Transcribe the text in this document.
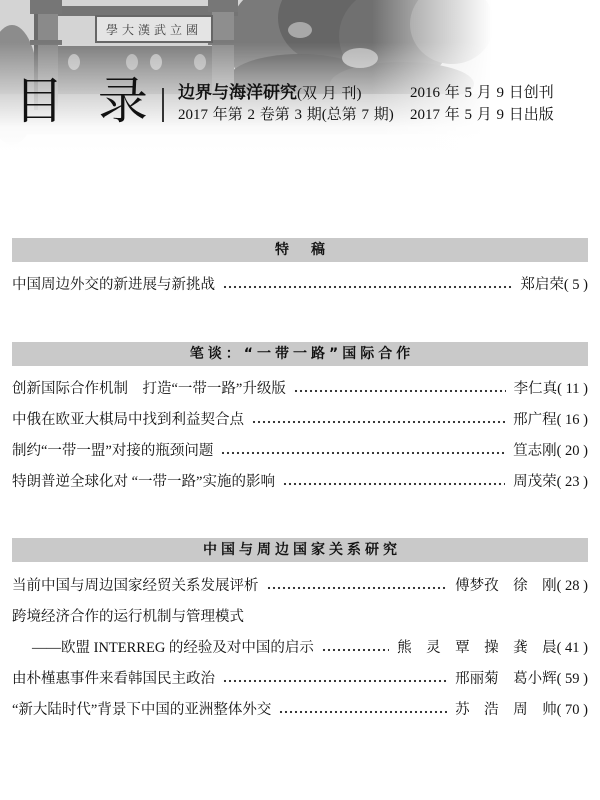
目 录 边界与海洋研究(双 月 刊)	2016 年 5 月 9 日创刊
2017 年第 2 卷第 3 期(总第 7 期) 2017 年 5 月 9 日出版
特　稿
中国周边外交的新进展与新挑战	郑启荣 ( 5 )
笔谈：“一带一路”国际合作
创新国际合作机制　打造“一带一路”升级版	李仁真 ( 11 )
中俄在欧亚大棋局中找到利益契合点	邢广程 ( 16 )
制约“一带一盟”对接的瓶颈问题	笪志刚 ( 20 )
特朗普逆全球化对 “一带一路”实施的影响	周茂荣 ( 23 )
中国与周边国家关系研究
当前中国与周边国家经贸关系发展评析	傅梦孜　徐　刚 ( 28 )
跨境经济合作的运行机制与管理模式
——欧盟 INTERREG 的经验及对中国的启示	熊　灵　覃　操　龚　晨 ( 41 )
由朴槿惠事件来看韩国民主政治	邢丽菊　葛小辉 ( 59 )
“新大陆时代”背景下中国的亚洲整体外交	苏　浩　周　帅 ( 70 )
